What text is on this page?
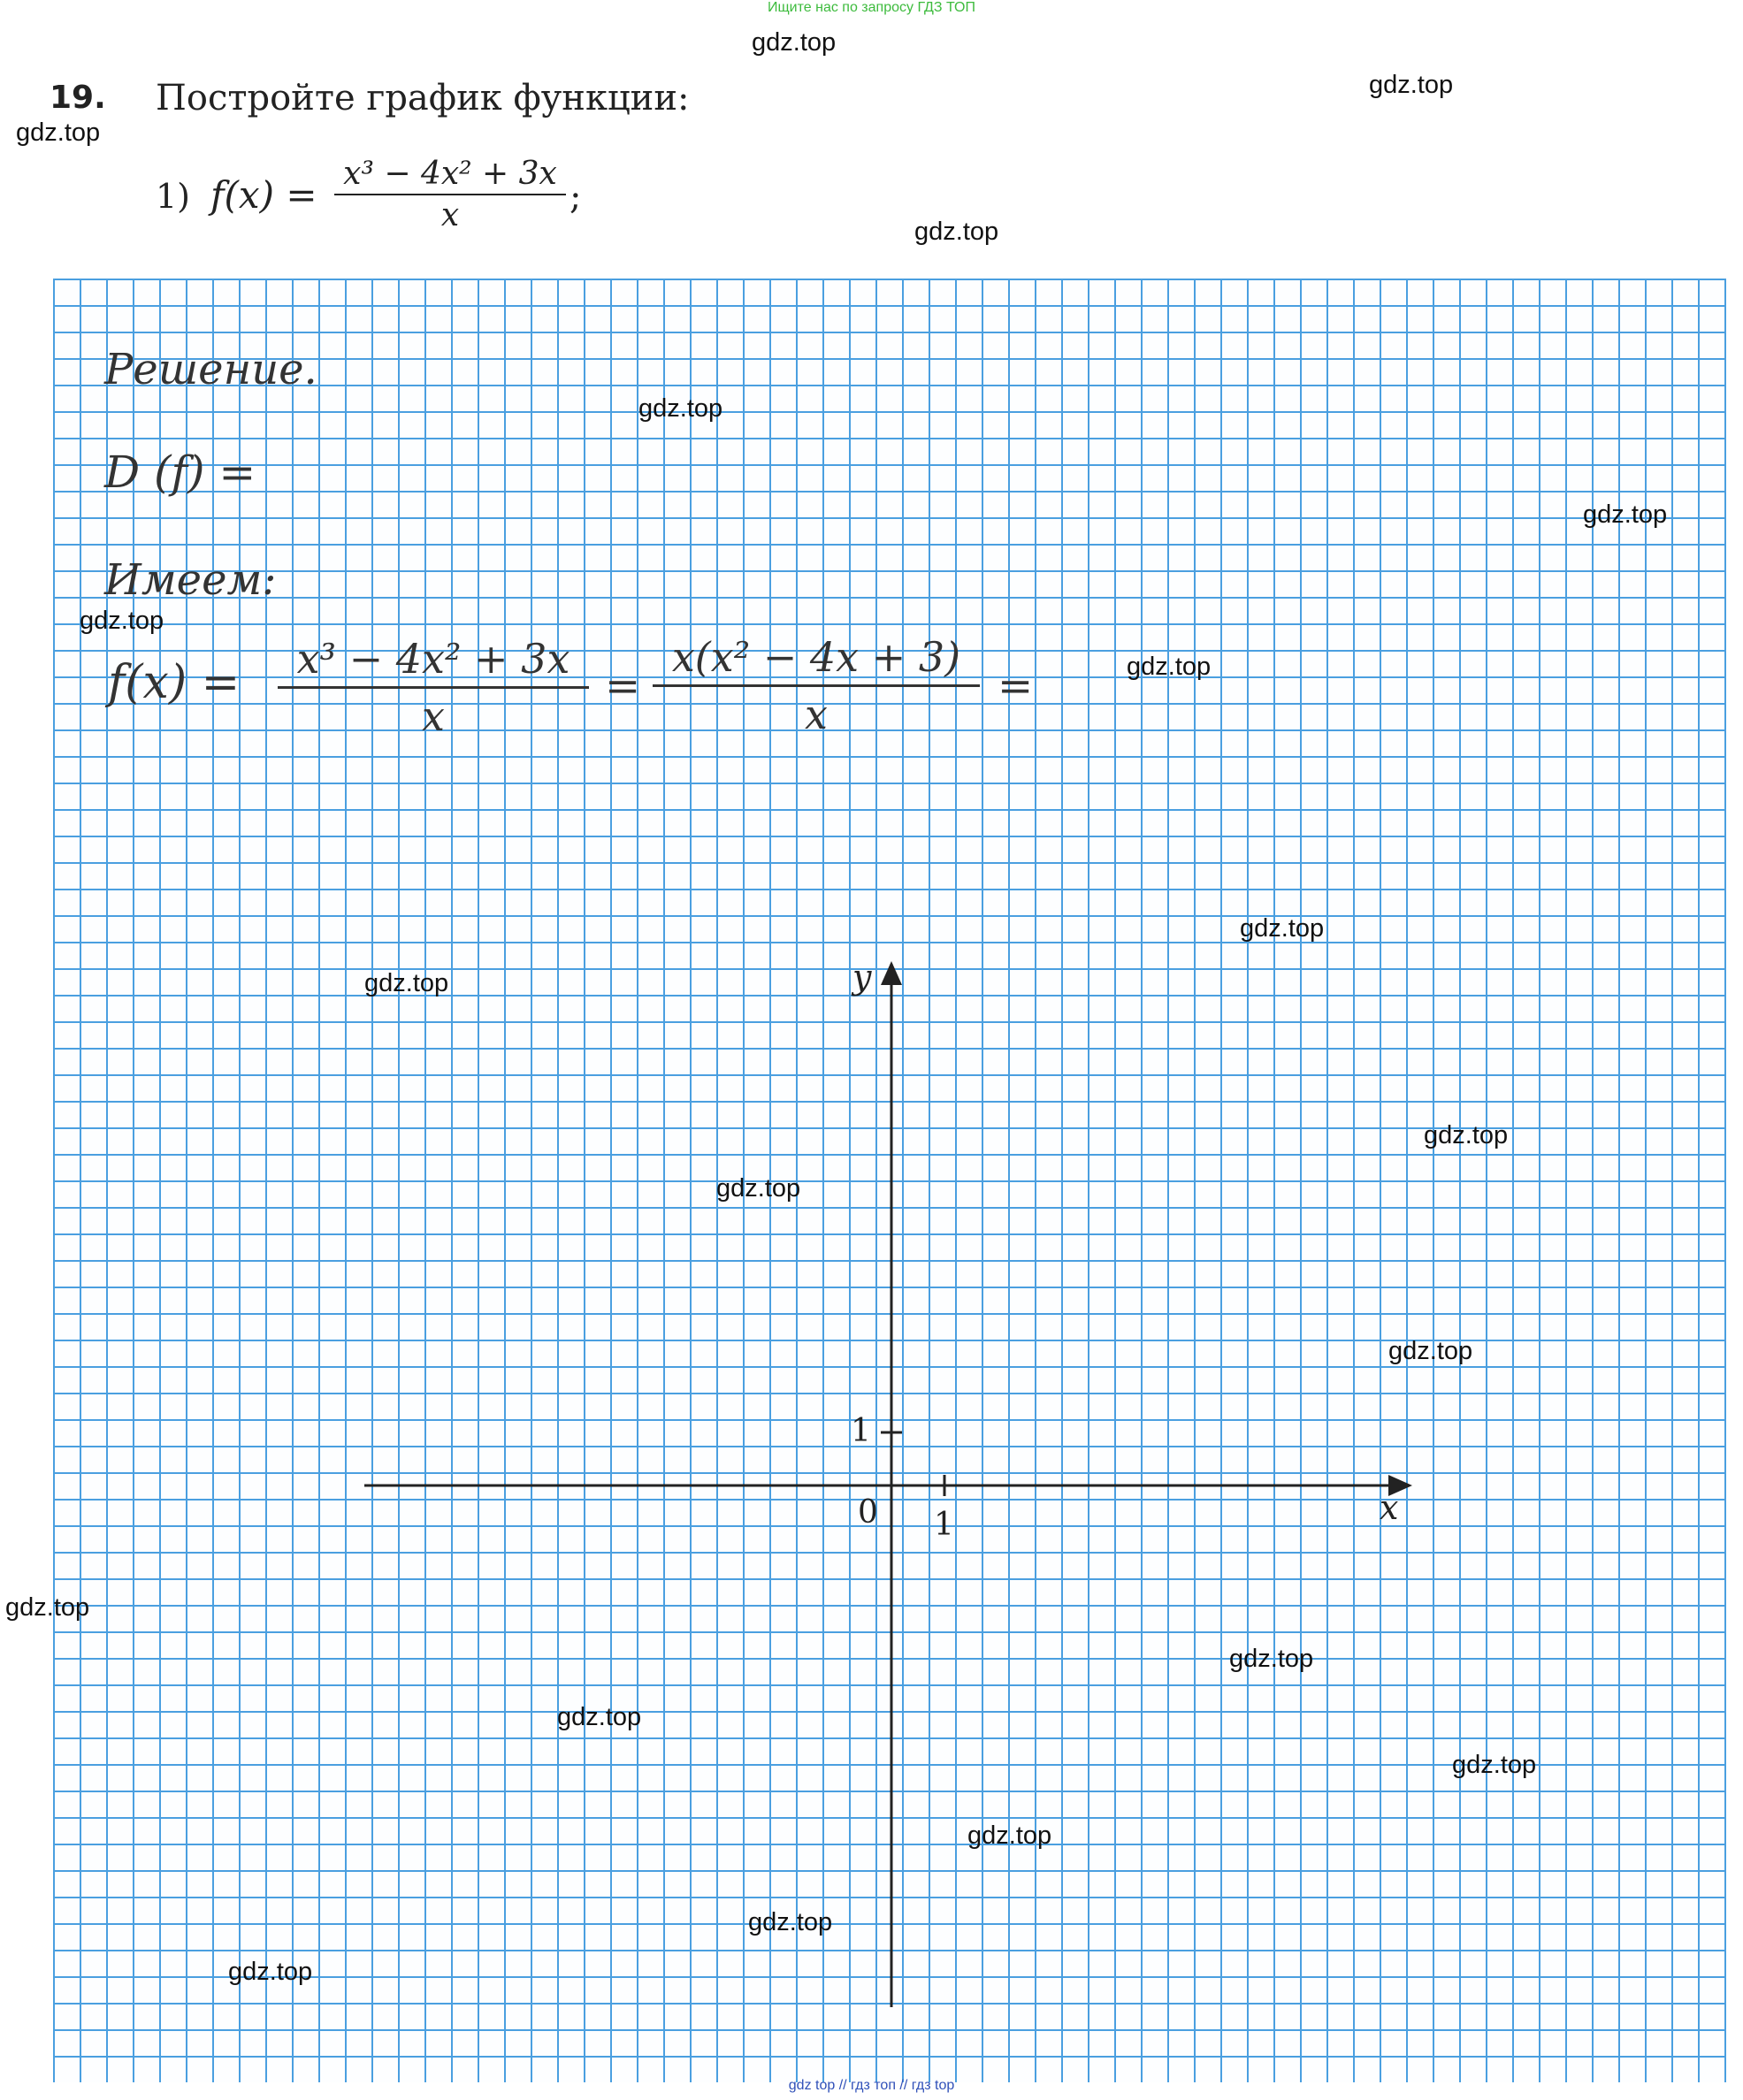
Ищите нас по запросу ГДЗ ТОП
19. Постройте график функции:
1) f(x) = x³ − 4x² + 3x
x	;
Решение.
D (f) =
Имеем:
f(x) =	x³ − 4x² + 3x
x
=
x(x² − 4x + 3)
x
=
y
x
0
1
1
gdz.top
gdz.top
gdz.top
gdz.top
gdz.top
gdz.top
gdz.top
gdz.top
gdz.top
gdz.top
gdz.top
gdz.top
gdz.top
gdz.top
gdz.top
gdz.top
gdz.top
gdz.top
gdz.top
gdz.top
gdz top // гдз топ // гдз top
